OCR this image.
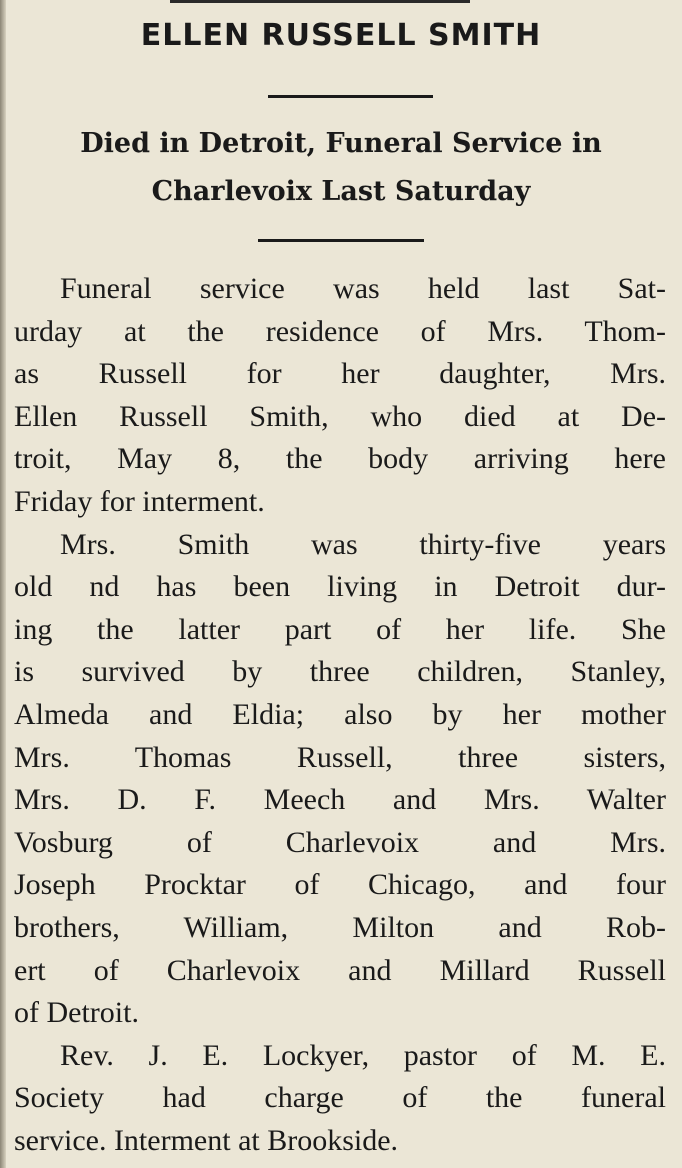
ELLEN RUSSELL SMITH
Died in Detroit, Funeral Service in
Charlevoix Last Saturday
Funeral service was held last Sat-
urday at the residence of Mrs. Thom-
as Russell for her daughter, Mrs.
Ellen Russell Smith, who died at De-
troit, May 8, the body arriving here
Friday for interment.
Mrs. Smith was thirty-five years
old nd has been living in Detroit dur-
ing the latter part of her life. She
is survived by three children, Stanley,
Almeda and Eldia; also by her mother
Mrs. Thomas Russell, three sisters,
Mrs. D. F. Meech and Mrs. Walter
Vosburg of Charlevoix and Mrs.
Joseph Procktar of Chicago, and four
brothers, William, Milton and Rob-
ert of Charlevoix and Millard Russell
of Detroit.
Rev. J. E. Lockyer, pastor of M. E.
Society had charge of the funeral
service. Interment at Brookside.
